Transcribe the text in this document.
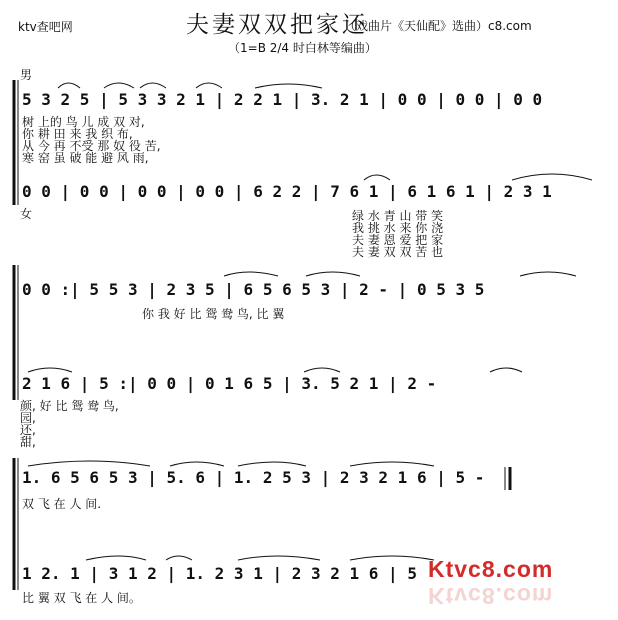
ktv查吧网	夫妻双双把家还
（戏曲片《天仙配》选曲）c8.com
（1=B 2/4 时白林等编曲）
男
5 3 2 5 | 5 3 3 2 1 | 2 2 1 | 3. 2 1 | 0 0 | 0 0 | 0 0
树 上的 鸟 儿 成 双 对,
你 耕 田 来 我 织 布,
从 今 再 不受 那 奴 役 苦,
寒 窑 虽 破 能 避 风 雨,
0 0 | 0 0 | 0 0 | 0 0 | 6 2 2 | 7 6 1 | 6 1 6 1 | 2 3 1
女	绿 水 青 山 带 笑
我 挑 水 来 你 浇
夫 妻 恩 爱 把 家
夫 妻 双 双 苦 也
0 0 :| 5 5 3 | 2 3 5 | 6 5 6 5 3 | 2 - | 0 5 3 5
你 我 好 比 鸳 鸯 鸟, 比 翼
2 1 6 | 5 :| 0 0 | 0 1 6 5 | 3. 5 2 1 | 2 -
颜, 好 比 鸳 鸯 鸟,
园,
还,
甜,
1. 6 5 6 5 3 | 5. 6 | 1. 2 5 3 | 2 3 2 1 6 | 5 -
双 飞 在 人 间.
1 2. 1 | 3 1 2 | 1. 2 3 1 | 2 3 2 1 6 | 5
比 翼 双 飞 在 人 间。
Ktvc8.com
Ktvc8.com
